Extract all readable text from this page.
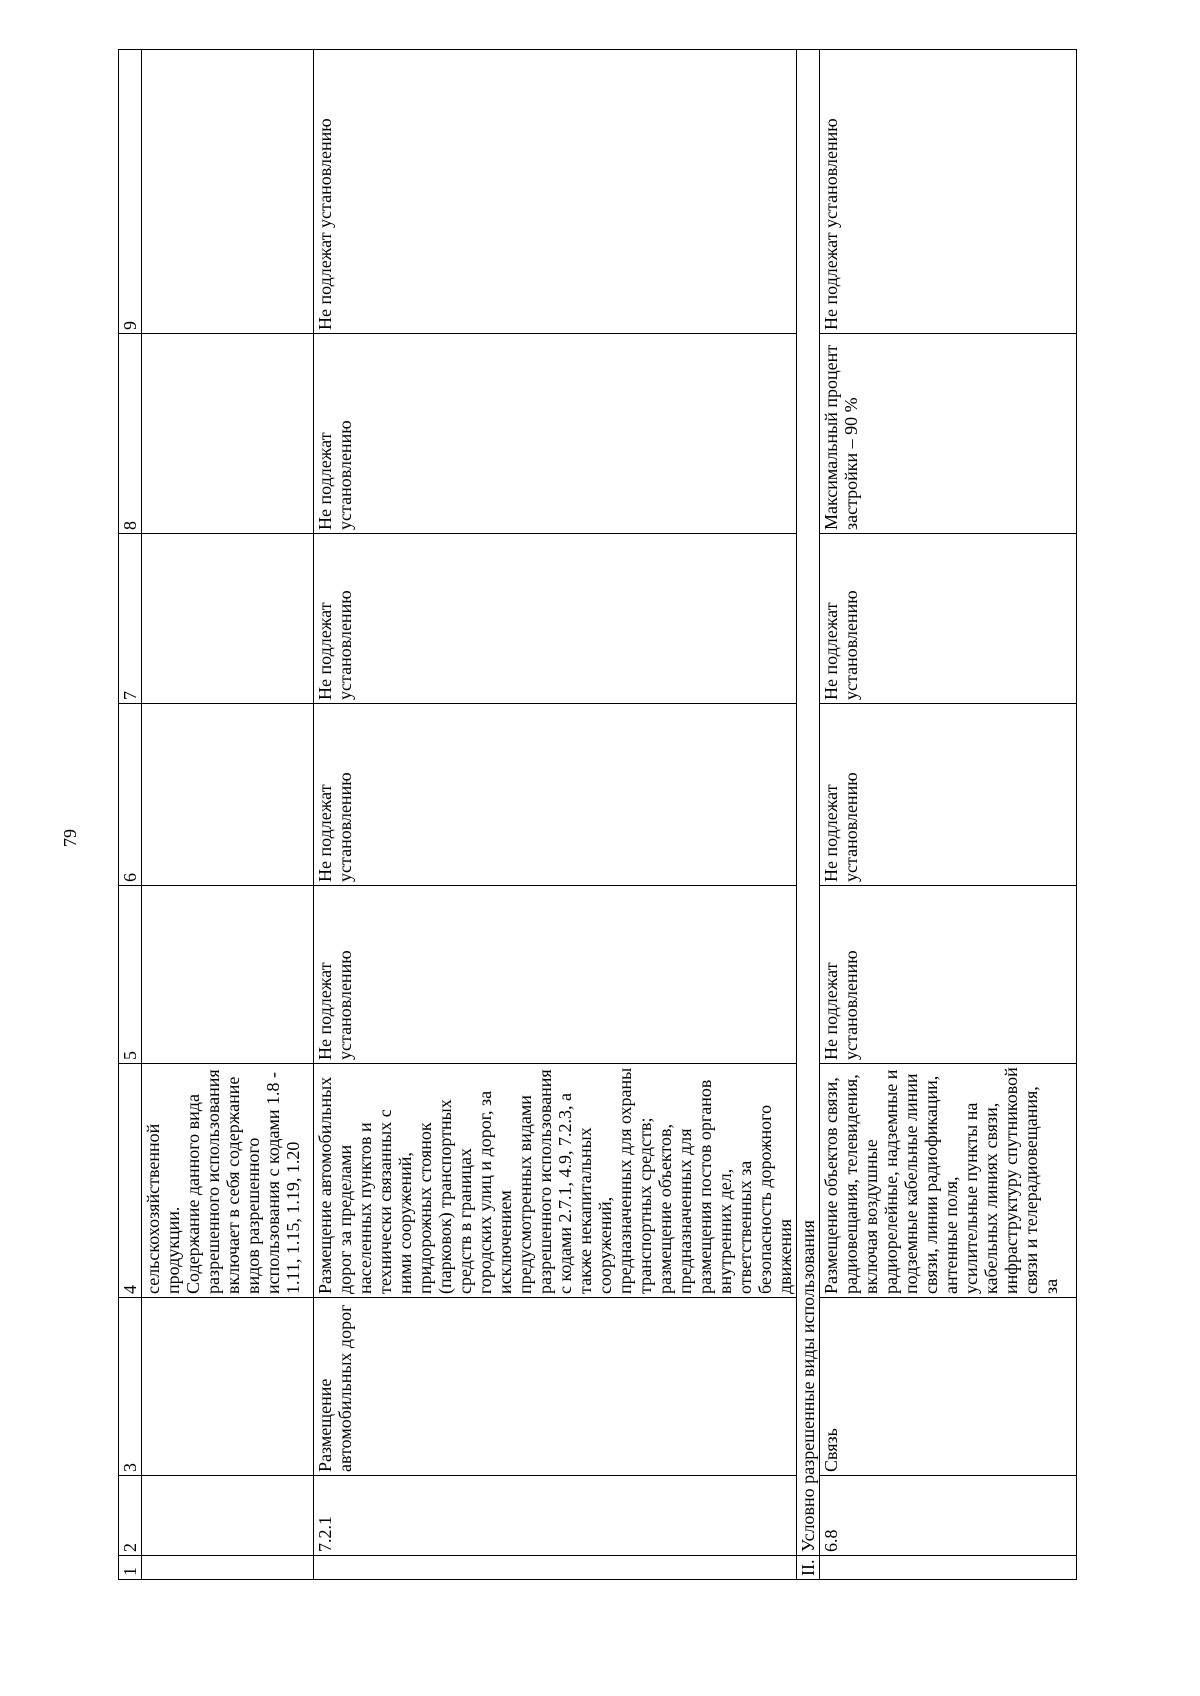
79
1	2	3	4	5	6	7	8	9
			сельскохозяйственной продукции.
Содержание данного вида разрешенного использования включает в себя содержание видов разрешенного использования с кодами 1.8 - 1.11, 1.15, 1.19, 1.20					
	7.2.1	Размещение автомобильных дорог	Размещение автомобильных дорог за пределами населенных пунктов и технически связанных с ними сооружений, придорожных стоянок (парковок) транспортных средств в границах городских улиц и дорог, за исключением предусмотренных видами разрешенного использования с кодами 2.7.1, 4.9, 7.2.3, а также некапитальных сооружений, предназначенных для охраны транспортных средств; размещение объектов, предназначенных для размещения постов органов внутренних дел, ответственных за безопасность дорожного движения	Не подлежат установлению	Не подлежат установлению	Не подлежат установлению	Не подлежат установлению	Не подлежат установлению
II.	Условно разрешенные виды использования							
	6.8	Связь	Размещение объектов связи, радиовещания, телевидения, включая воздушные радиорелейные, надземные и подземные кабельные линии связи, линии радиофикации, антенные поля, усилительные пункты на кабельных линиях связи, инфраструктуру спутниковой связи и телерадиовещания, за	Не подлежат установлению	Не подлежат установлению	Не подлежат установлению	Максимальный процент застройки – 90 %	Не подлежат установлению
